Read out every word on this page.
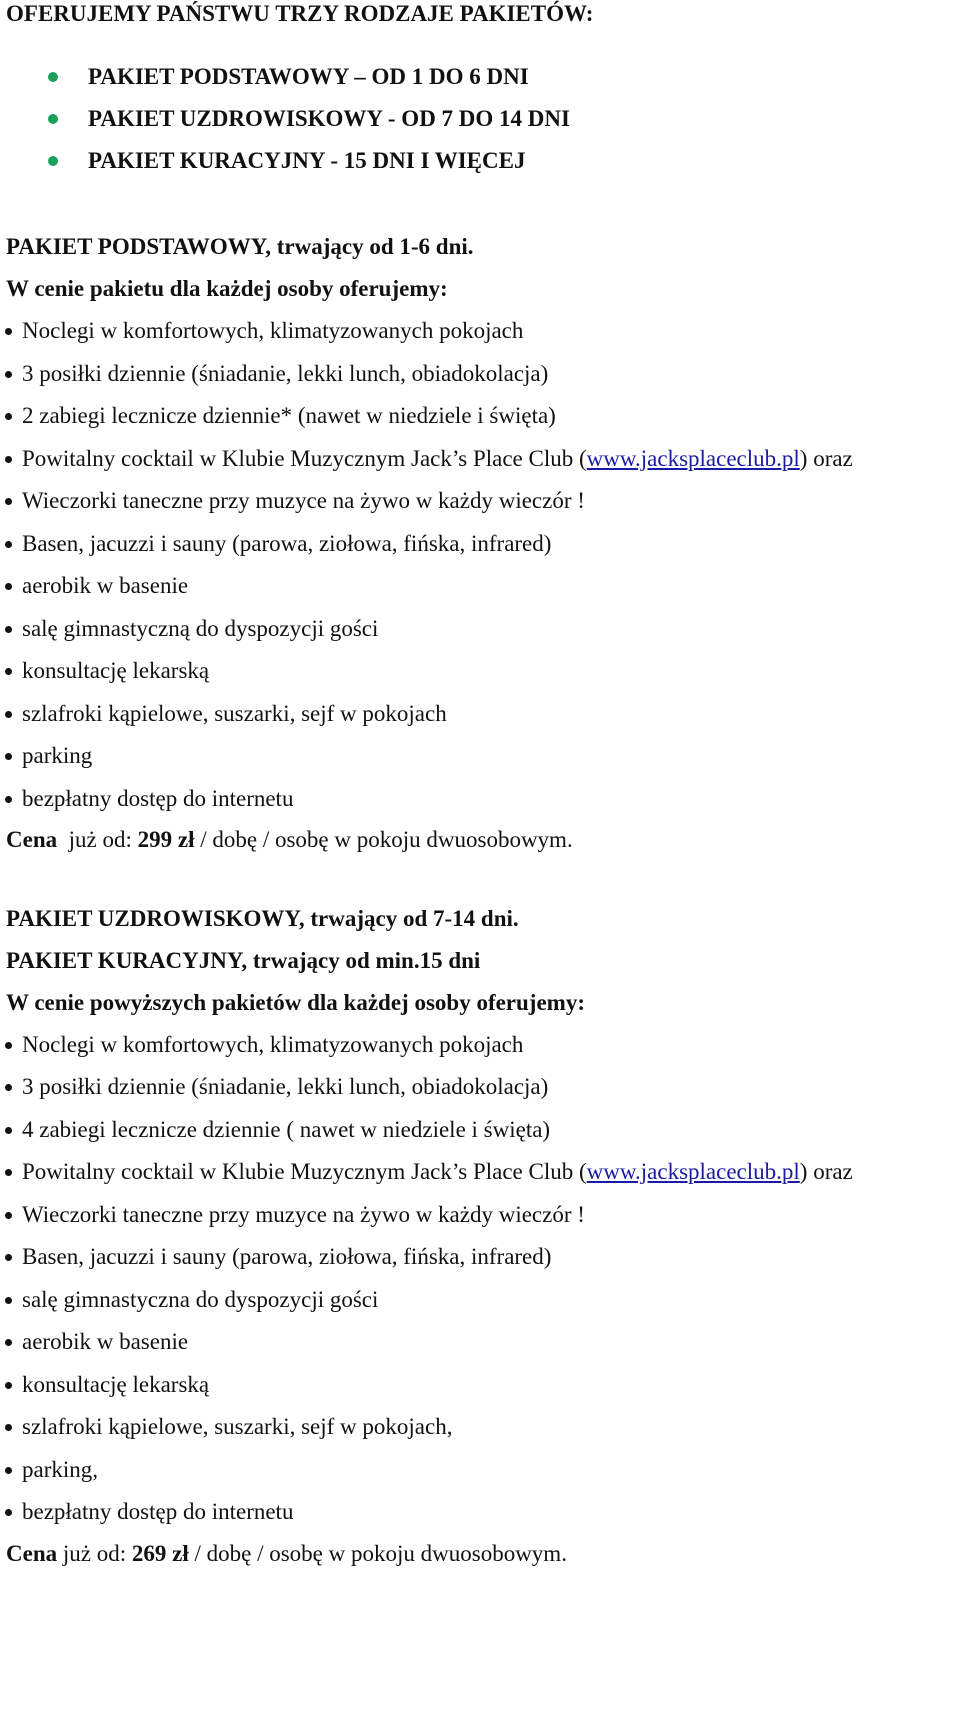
OFERUJEMY PAŃSTWU TRZY RODZAJE PAKIETÓW:
PAKIET PODSTAWOWY – OD 1 DO 6 DNI
PAKIET UZDROWISKOWY - OD 7 DO 14 DNI
PAKIET KURACYJNY - 15 DNI I WIĘCEJ
PAKIET PODSTAWOWY, trwający od 1-6 dni.
W cenie pakietu dla każdej osoby oferujemy:
Noclegi w komfortowych, klimatyzowanych pokojach
3 posiłki dziennie (śniadanie, lekki lunch, obiadokolacja)
2 zabiegi lecznicze dziennie* (nawet w niedziele i święta)
Powitalny cocktail w Klubie Muzycznym Jack’s Place Club (www.jacksplaceclub.pl) oraz
Wieczorki taneczne przy muzyce na żywo w każdy wieczór !
Basen, jacuzzi i sauny (parowa, ziołowa, fińska, infrared)
aerobik w basenie
salę gimnastyczną do dyspozycji gości
konsultację lekarską
szlafroki kąpielowe, suszarki, sejf w pokojach
parking
bezpłatny dostęp do internetu
Cena  już od: 299 zł / dobę / osobę w pokoju dwuosobowym.
PAKIET UZDROWISKOWY, trwający od 7-14 dni.
PAKIET KURACYJNY, trwający od min.15 dni
W cenie powyższych pakietów dla każdej osoby oferujemy:
Noclegi w komfortowych, klimatyzowanych pokojach
3 posiłki dziennie (śniadanie, lekki lunch, obiadokolacja)
4 zabiegi lecznicze dziennie ( nawet w niedziele i święta)
Powitalny cocktail w Klubie Muzycznym Jack’s Place Club (www.jacksplaceclub.pl) oraz
Wieczorki taneczne przy muzyce na żywo w każdy wieczór !
Basen, jacuzzi i sauny (parowa, ziołowa, fińska, infrared)
salę gimnastyczna do dyspozycji gości
aerobik w basenie
konsultację lekarską
szlafroki kąpielowe, suszarki, sejf w pokojach,
parking,
bezpłatny dostęp do internetu
Cena już od: 269 zł / dobę / osobę w pokoju dwuosobowym.
